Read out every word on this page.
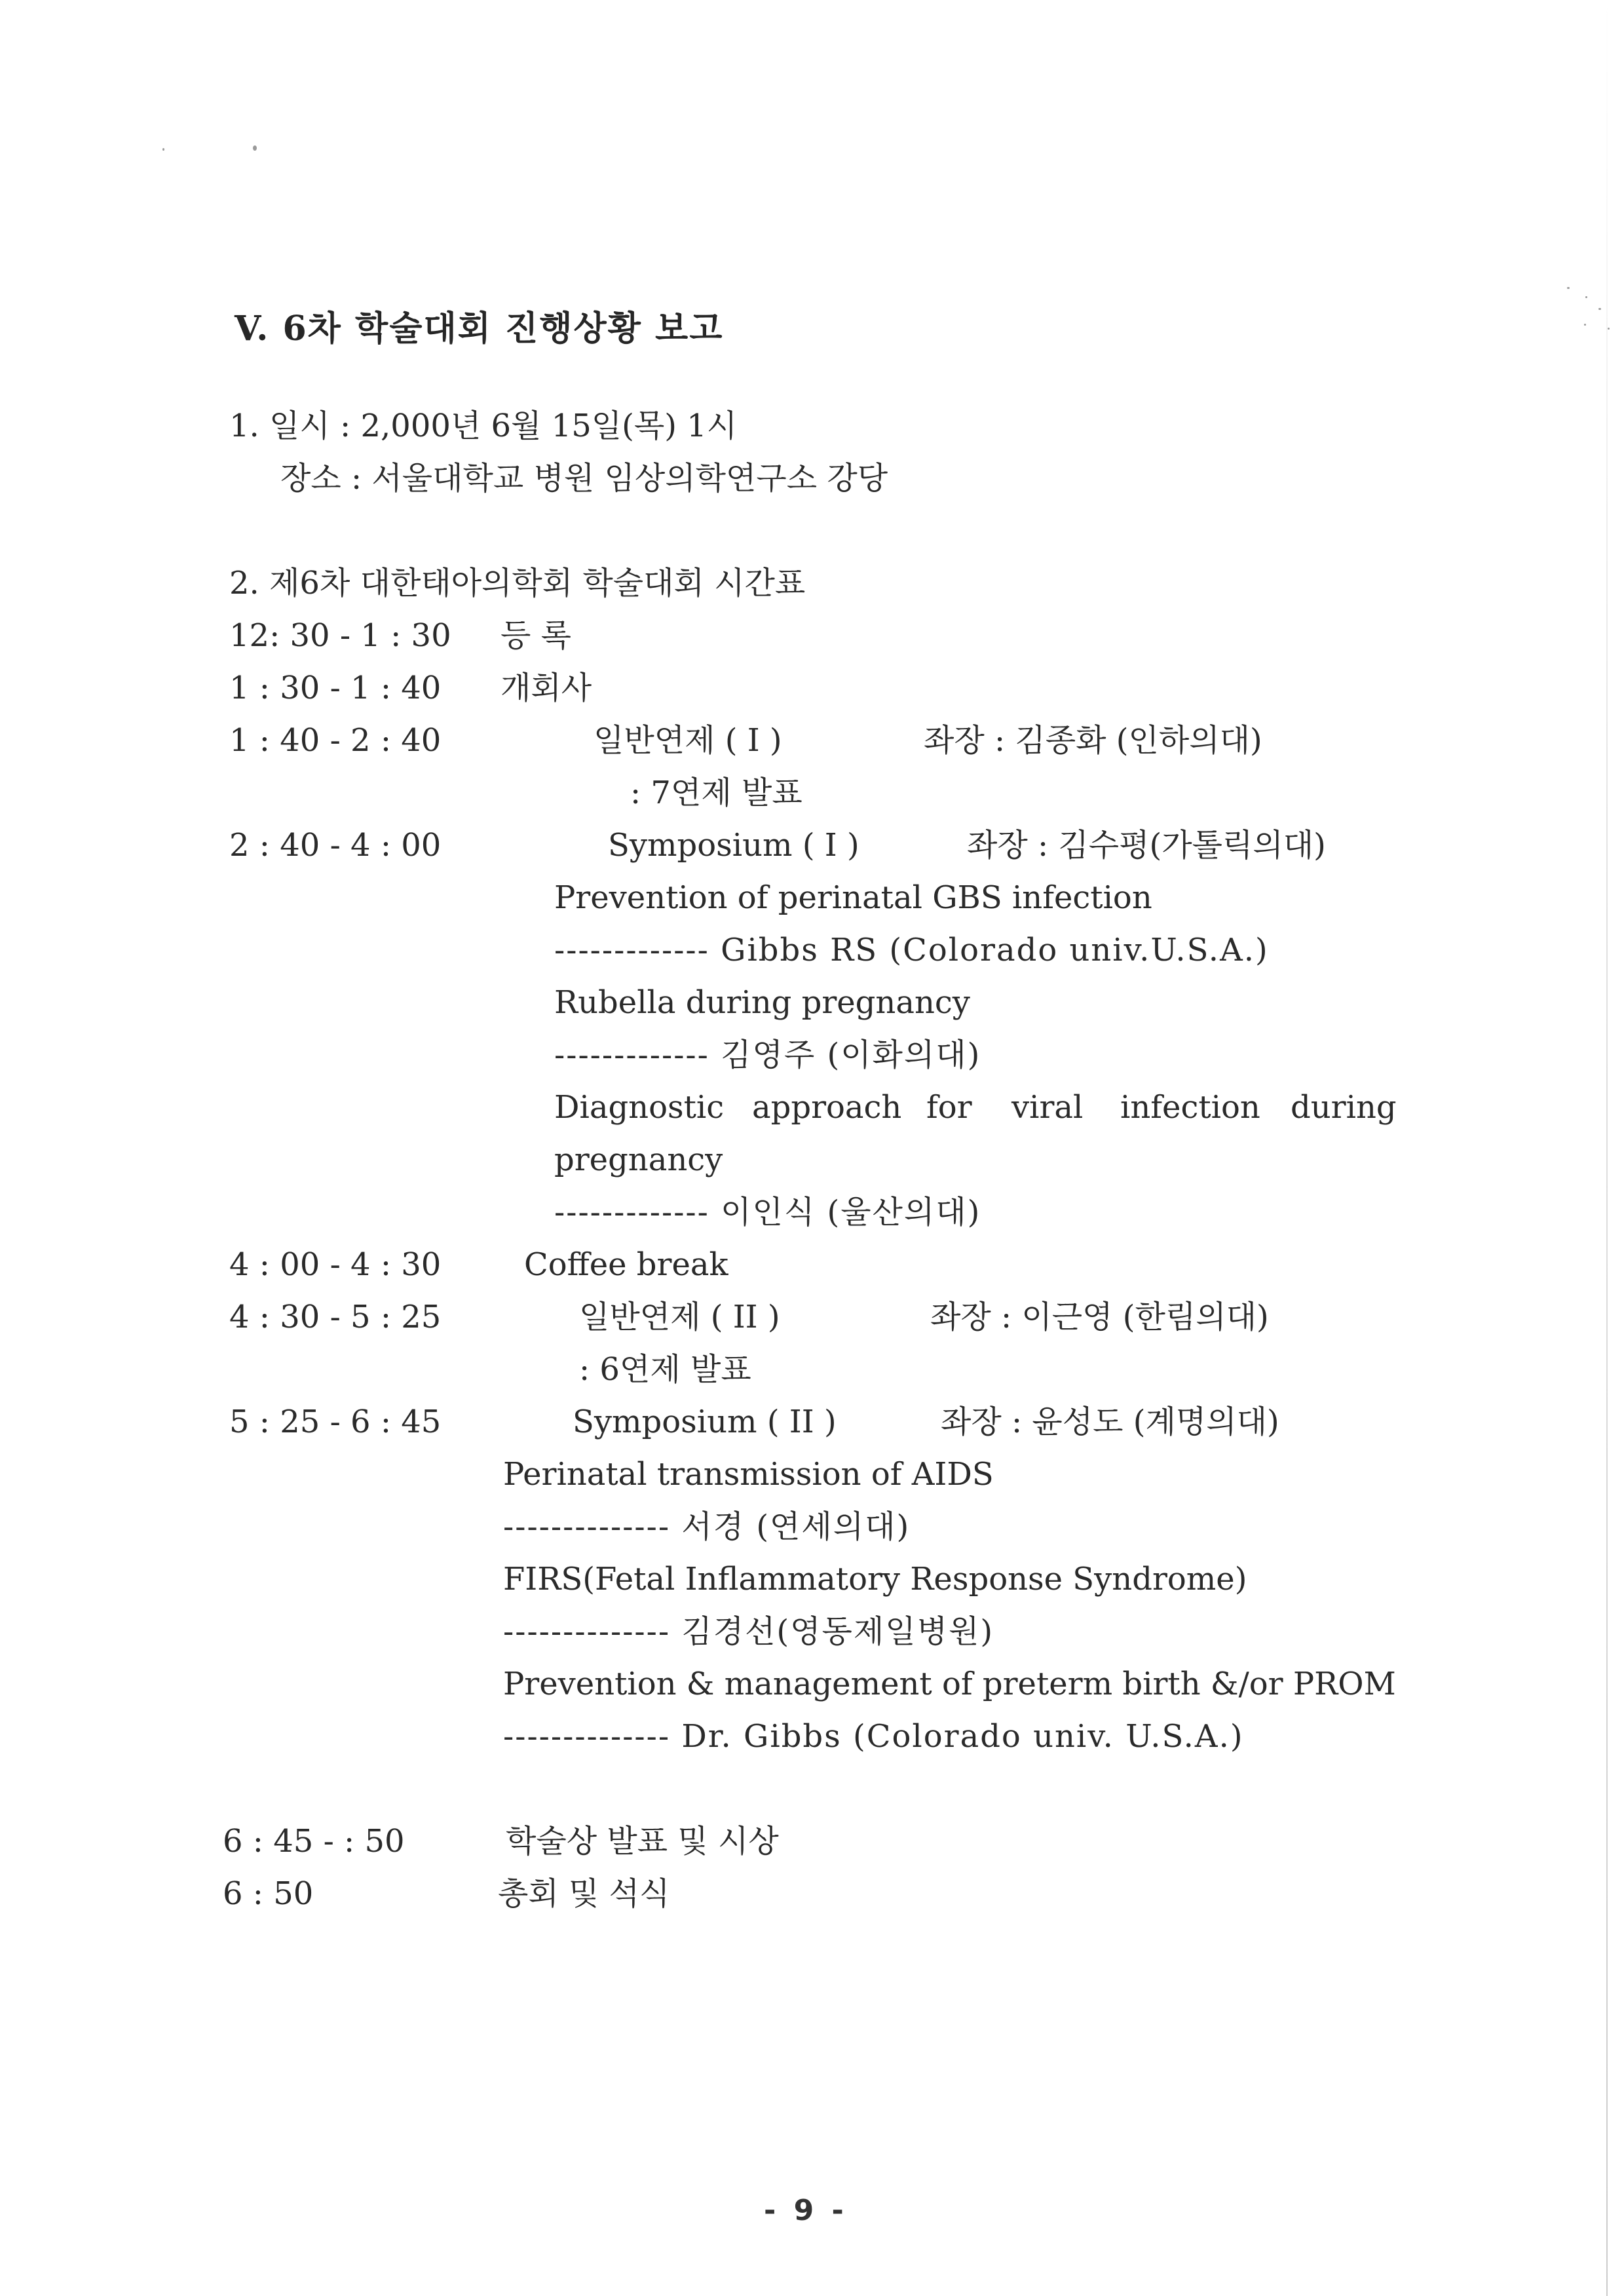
V. 6차 학술대회 진행상황 보고
1. 일시 : 2,000년 6월 15일(목) 1시
장소 : 서울대학교 병원 임상의학연구소 강당
2. 제6차 대한태아의학회 학술대회 시간표
12: 30 - 1 : 30 등 록
1 : 30 - 1 : 40 개회사
1 : 40 - 2 : 40	일반연제 ( I )	좌장 : 김종화 (인하의대)
: 7연제 발표
2 : 40 - 4 : 00	Symposium ( I )	좌장 : 김수평(가톨릭의대)
Prevention of perinatal GBS infection
------------- Gibbs RS (Colorado univ.U.S.A.)
Rubella during pregnancy
------------- 김영주 (이화의대)
Diagnostic approach for viral infection during
pregnancy
------------- 이인식 (울산의대)
4 : 00 - 4 : 30	Coffee break
4 : 30 - 5 : 25	일반연제 ( II )	좌장 : 이근영 (한림의대)
: 6연제 발표
5 : 25 - 6 : 45	Symposium ( II )	좌장 : 윤성도 (계명의대)
Perinatal transmission of AIDS
-------------- 서경 (연세의대)
FIRS(Fetal Inflammatory Response Syndrome)
-------------- 김경선(영동제일병원)
Prevention & management of preterm birth &/or PROM
-------------- Dr. Gibbs (Colorado univ. U.S.A.)
6 : 45 - : 50	학술상 발표 및 시상
6 : 50	총회 및 석식
- 9 -
